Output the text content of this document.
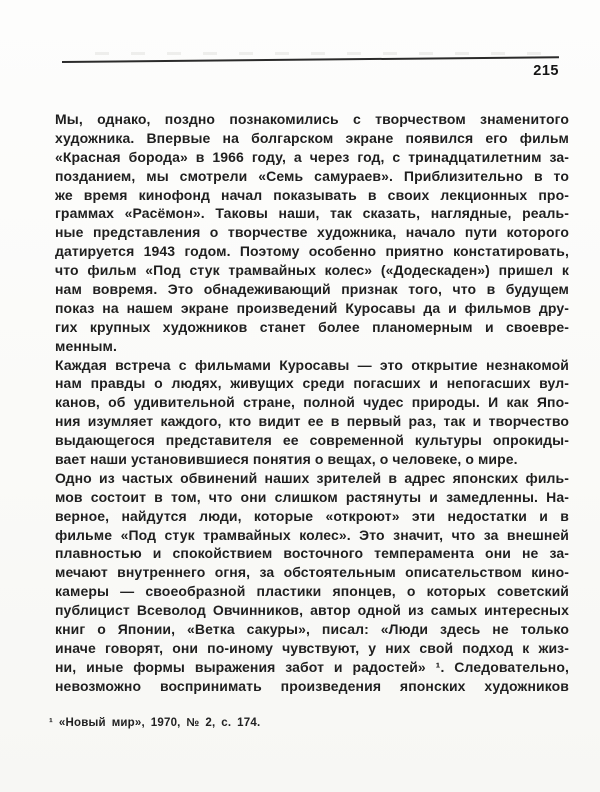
215
Мы, однако, поздно познакомились с творчеством знаменитого
художника. Впервые на болгарском экране появился его фильм
«Красная борода» в 1966 году, а через год, с тринадцатилетним за-
позданием, мы смотрели «Семь самураев». Приблизительно в то
же время кинофонд начал показывать в своих лекционных про-
граммах «Расёмон». Таковы наши, так сказать, наглядные, реаль-
ные представления о творчестве художника, начало пути которого
датируется 1943 годом. Поэтому особенно приятно констатировать,
что фильм «Под стук трамвайных колес» («Додескаден») пришел к
нам вовремя. Это обнадеживающий признак того, что в будущем
показ на нашем экране произведений Куросавы да и фильмов дру-
гих крупных художников станет более планомерным и своевре-
менным.
Каждая встреча с фильмами Куросавы — это открытие незнакомой
нам правды о людях, живущих среди погасших и непогасших вул-
канов, об удивительной стране, полной чудес природы. И как Япо-
ния изумляет каждого, кто видит ее в первый раз, так и творчество
выдающегося представителя ее современной культуры опрокиды-
вает наши установившиеся понятия о вещах, о человеке, о мире.
Одно из частых обвинений наших зрителей в адрес японских филь-
мов состоит в том, что они слишком растянуты и замедленны. На-
верное, найдутся люди, которые «откроют» эти недостатки и в
фильме «Под стук трамвайных колес». Это значит, что за внешней
плавностью и спокойствием восточного темперамента они не за-
мечают внутреннего огня, за обстоятельным описательством кино-
камеры — своеобразной пластики японцев, о которых советский
публицист Всеволод Овчинников, автор одной из самых интересных
книг о Японии, «Ветка сакуры», писал: «Люди здесь не только
иначе говорят, они по-иному чувствуют, у них свой подход к жиз-
ни, иные формы выражения забот и радостей» ¹. Следовательно,
невозможно воспринимать произведения японских художников
¹ «Новый мир», 1970, № 2, с. 174.
